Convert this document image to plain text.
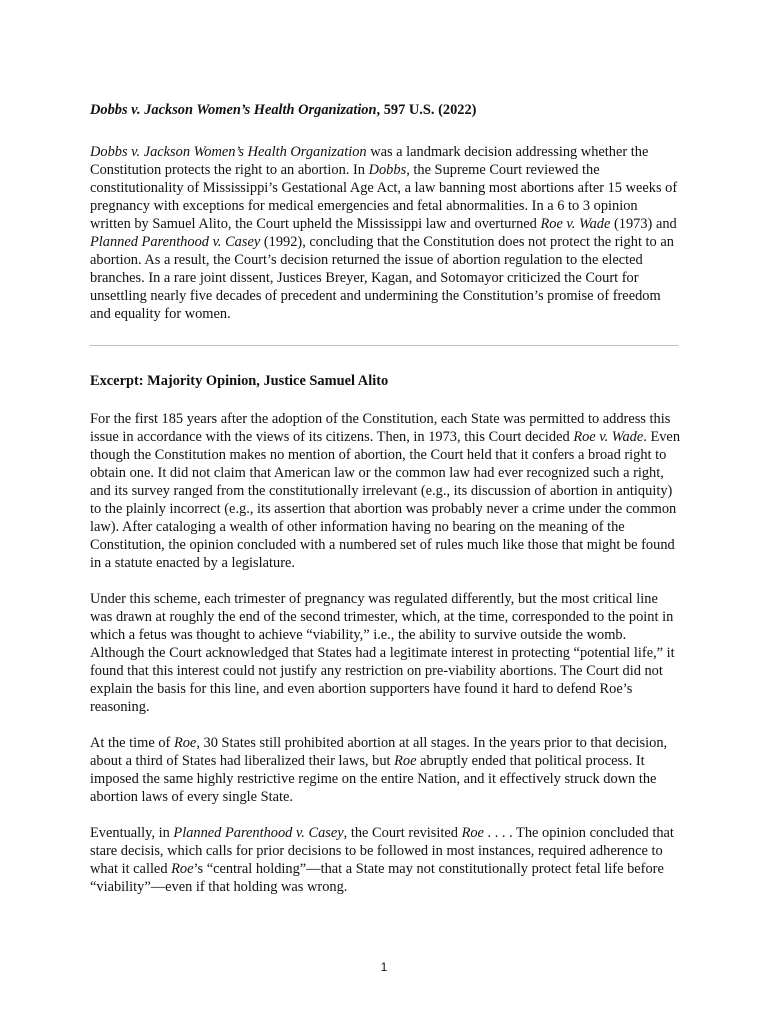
Dobbs v. Jackson Women’s Health Organization, 597 U.S. (2022)

Dobbs v. Jackson Women’s Health Organization was a landmark decision addressing whether the Constitution protects the right to an abortion. In Dobbs, the Supreme Court reviewed the constitutionality of Mississippi’s Gestational Age Act, a law banning most abortions after 15 weeks of pregnancy with exceptions for medical emergencies and fetal abnormalities. In a 6 to 3 opinion written by Samuel Alito, the Court upheld the Mississippi law and overturned Roe v. Wade (1973) and Planned Parenthood v. Casey (1992), concluding that the Constitution does not protect the right to an abortion. As a result, the Court’s decision returned the issue of abortion regulation to the elected branches. In a rare joint dissent, Justices Breyer, Kagan, and Sotomayor criticized the Court for unsettling nearly five decades of precedent and undermining the Constitution’s promise of freedom and equality for women.

Excerpt: Majority Opinion, Justice Samuel Alito

For the first 185 years after the adoption of the Constitution, each State was permitted to address this issue in accordance with the views of its citizens. Then, in 1973, this Court decided Roe v. Wade. Even though the Constitution makes no mention of abortion, the Court held that it confers a broad right to obtain one. It did not claim that American law or the common law had ever recognized such a right, and its survey ranged from the constitutionally irrelevant (e.g., its discussion of abortion in antiquity) to the plainly incorrect (e.g., its assertion that abortion was probably never a crime under the common law). After cataloging a wealth of other information having no bearing on the meaning of the Constitution, the opinion concluded with a numbered set of rules much like those that might be found in a statute enacted by a legislature.

Under this scheme, each trimester of pregnancy was regulated differently, but the most critical line was drawn at roughly the end of the second trimester, which, at the time, corresponded to the point in which a fetus was thought to achieve “viability,” i.e., the ability to survive outside the womb. Although the Court acknowledged that States had a legitimate interest in protecting “potential life,” it found that this interest could not justify any restriction on pre-viability abortions. The Court did not explain the basis for this line, and even abortion supporters have found it hard to defend Roe’s reasoning.

At the time of Roe, 30 States still prohibited abortion at all stages. In the years prior to that decision, about a third of States had liberalized their laws, but Roe abruptly ended that political process. It imposed the same highly restrictive regime on the entire Nation, and it effectively struck down the abortion laws of every single State.

Eventually, in Planned Parenthood v. Casey, the Court revisited Roe . . . . The opinion concluded that stare decisis, which calls for prior decisions to be followed in most instances, required adherence to what it called Roe’s “central holding”—that a State may not constitutionally protect fetal life before “viability”—even if that holding was wrong.

1
